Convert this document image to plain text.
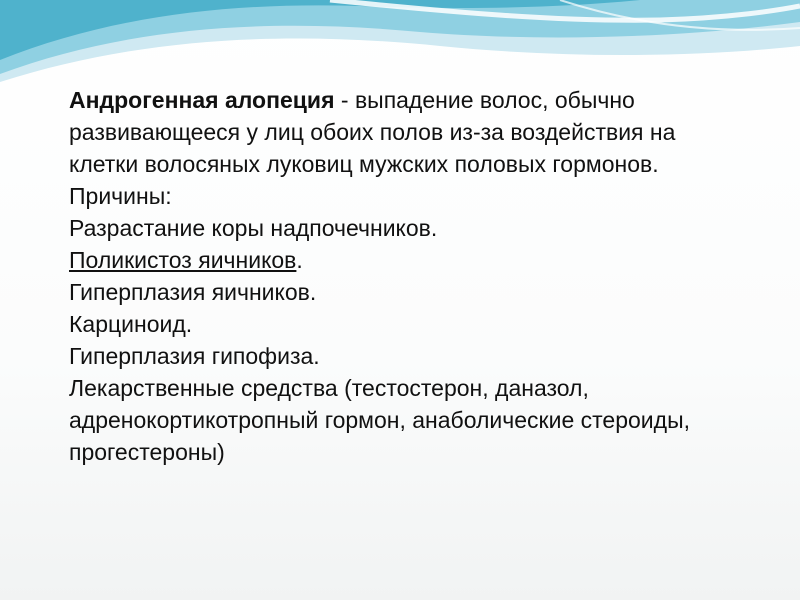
Андрогенная алопеция - выпадение волос, обычно развивающееся у лиц обоих полов из-за воздействия на клетки волосяных луковиц мужских половых гормонов. Причины:

Разрастание коры надпочечников.

Поликистоз яичников.

Гиперплазия яичников.

Карциноид.

Гиперплазия гипофиза.

Лекарственные средства (тестостерон, даназол, адренокортикотропный гормон, анаболические стероиды, прогестероны)
